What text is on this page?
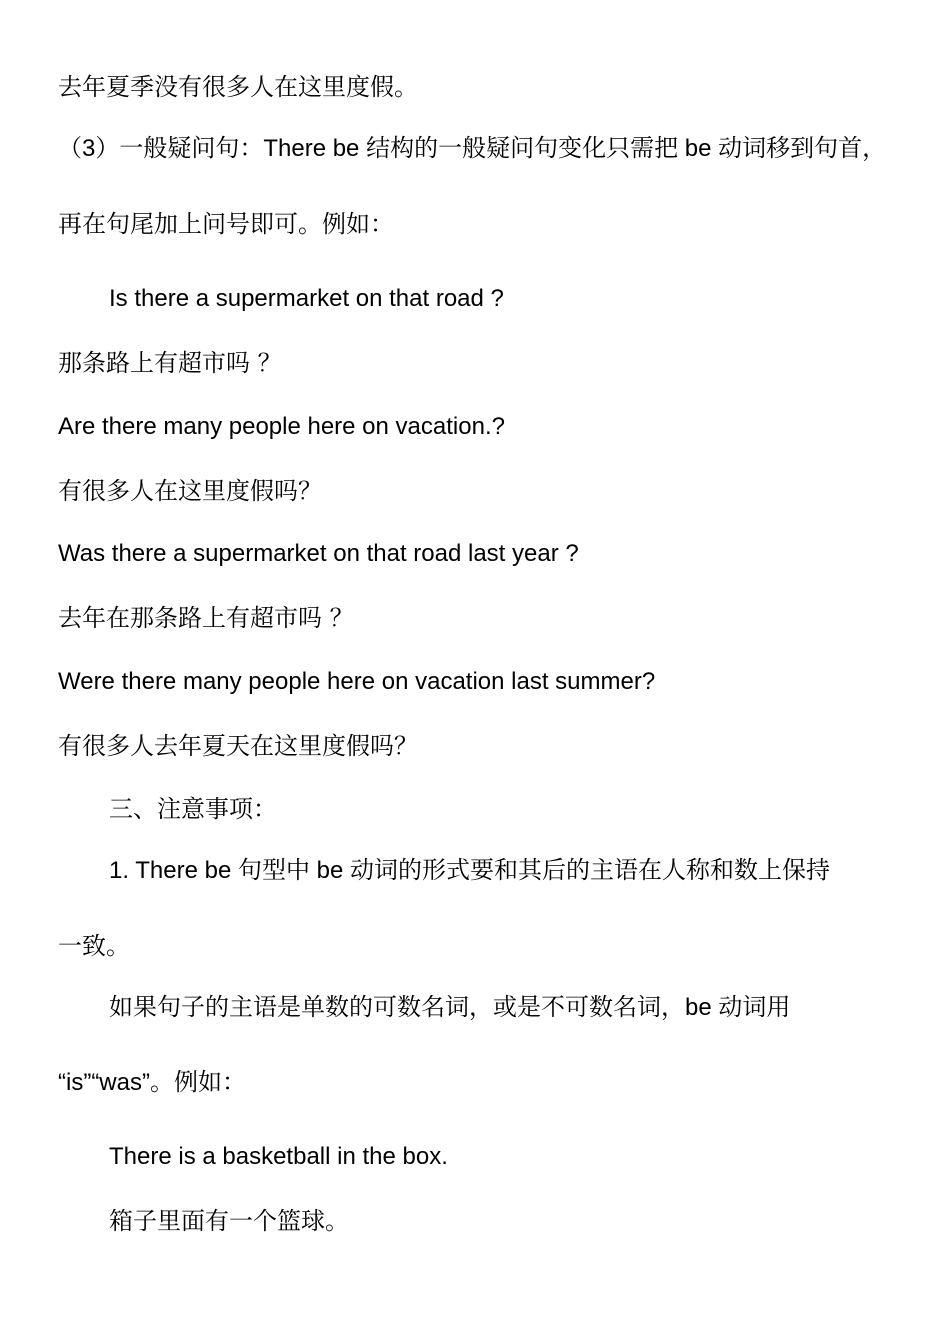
去年夏季没有很多人在这里度假。
（3）一般疑问句：There be 结构的一般疑问句变化只需把 be 动词移到句首，
再在句尾加上问号即可。例如：
Is there a supermarket on that road ?
那条路上有超市吗 ？
Are there many people here on vacation.?
有很多人在这里度假吗？
Was there a supermarket on that road last year ?
去年在那条路上有超市吗 ？
Were there many people here on vacation last summer?
有很多人去年夏天在这里度假吗？
三、注意事项：
1. There be 句型中 be 动词的形式要和其后的主语在人称和数上保持
一致。
如果句子的主语是单数的可数名词，或是不可数名词，be 动词用
“is”“was”。例如：
There is a basketball in the box.
箱子里面有一个篮球。
